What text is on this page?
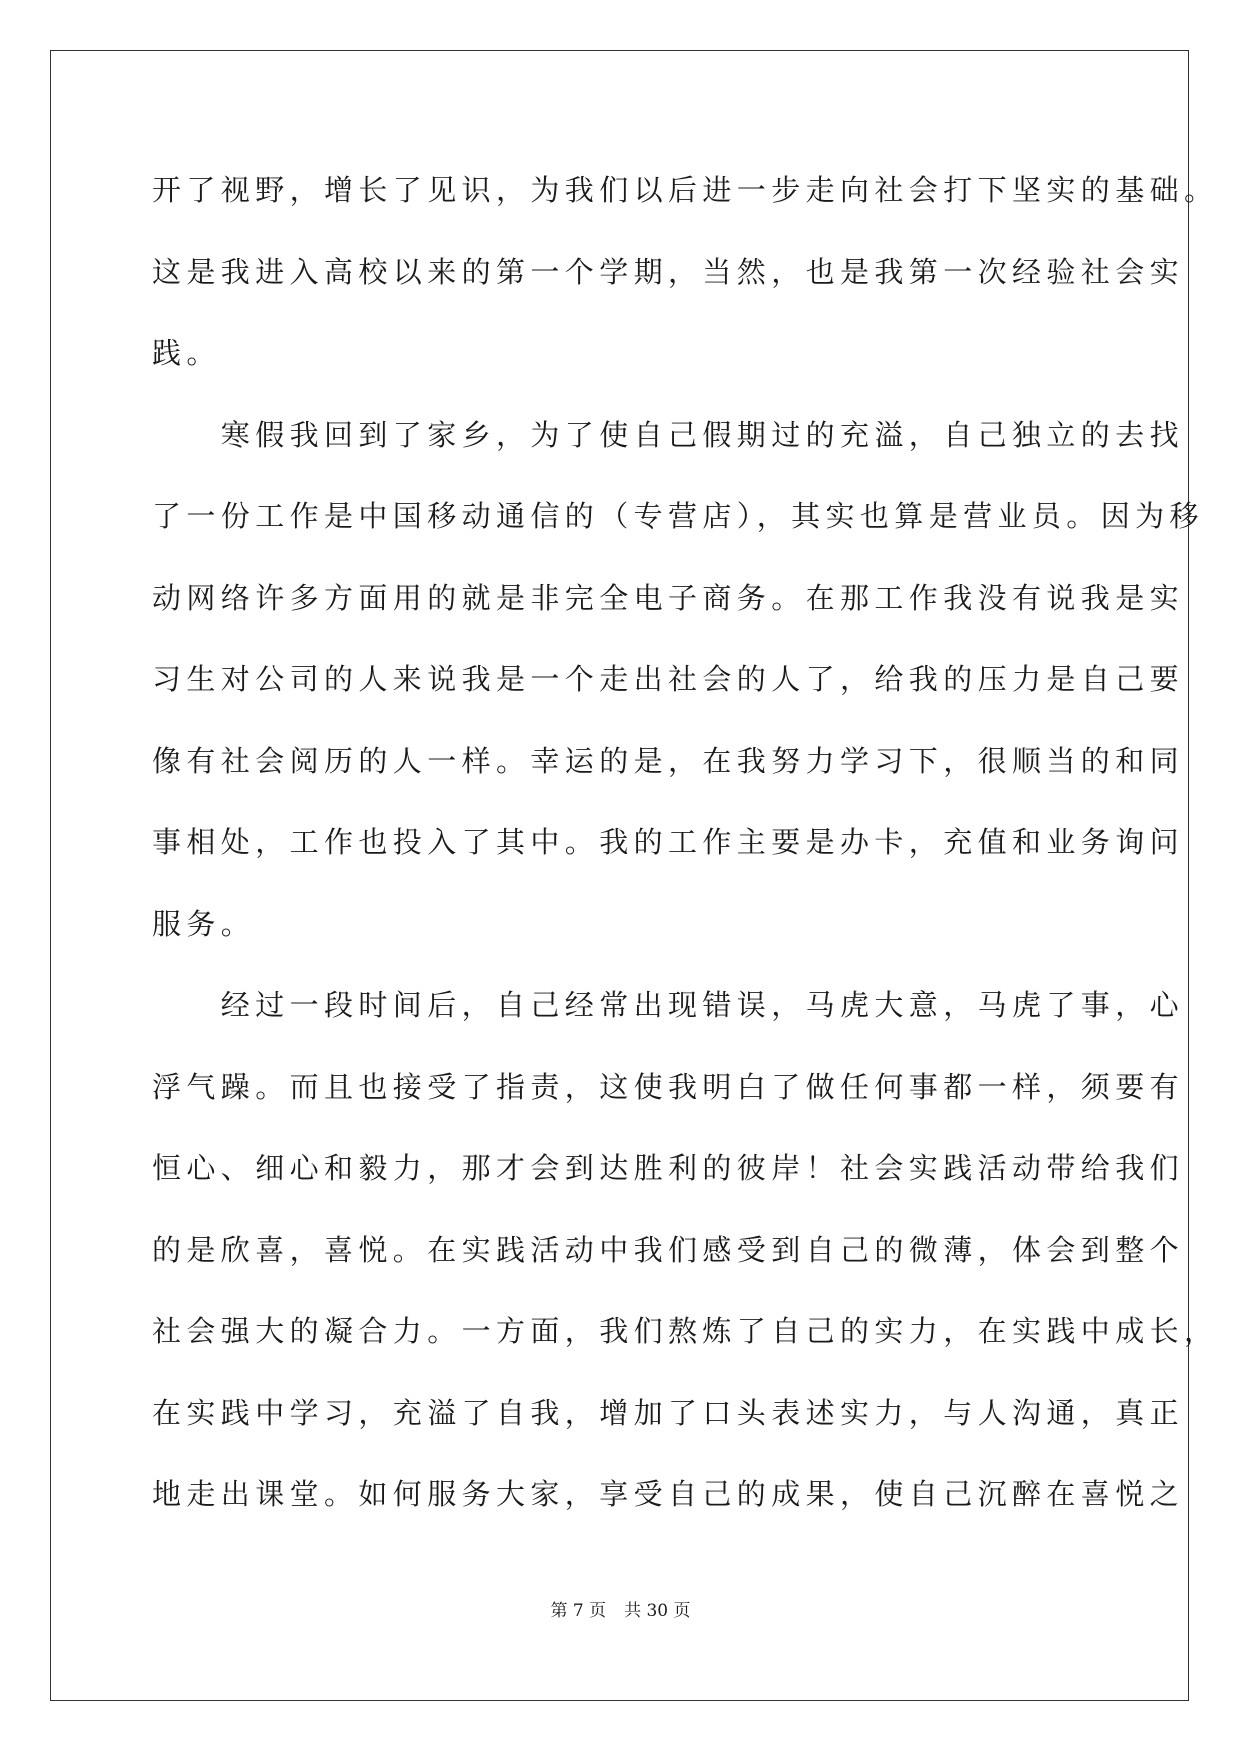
开了视野，增长了见识，为我们以后进一步走向社会打下坚实的基础。
这是我进入高校以来的第一个学期，当然，也是我第一次经验社会实
践。
　　寒假我回到了家乡，为了使自己假期过的充溢，自己独立的去找
了一份工作是中国移动通信的（专营店），其实也算是营业员。因为移
动网络许多方面用的就是非完全电子商务。在那工作我没有说我是实
习生对公司的人来说我是一个走出社会的人了，给我的压力是自己要
像有社会阅历的人一样。幸运的是，在我努力学习下，很顺当的和同
事相处，工作也投入了其中。我的工作主要是办卡，充值和业务询问
服务。
　　经过一段时间后，自己经常出现错误，马虎大意，马虎了事，心
浮气躁。而且也接受了指责，这使我明白了做任何事都一样，须要有
恒心、细心和毅力，那才会到达胜利的彼岸！社会实践活动带给我们
的是欣喜，喜悦。在实践活动中我们感受到自己的微薄，体会到整个
社会强大的凝合力。一方面，我们熬炼了自己的实力，在实践中成长，
在实践中学习，充溢了自我，增加了口头表述实力，与人沟通，真正
地走出课堂。如何服务大家，享受自己的成果，使自己沉醉在喜悦之
第 7 页 共 30 页
